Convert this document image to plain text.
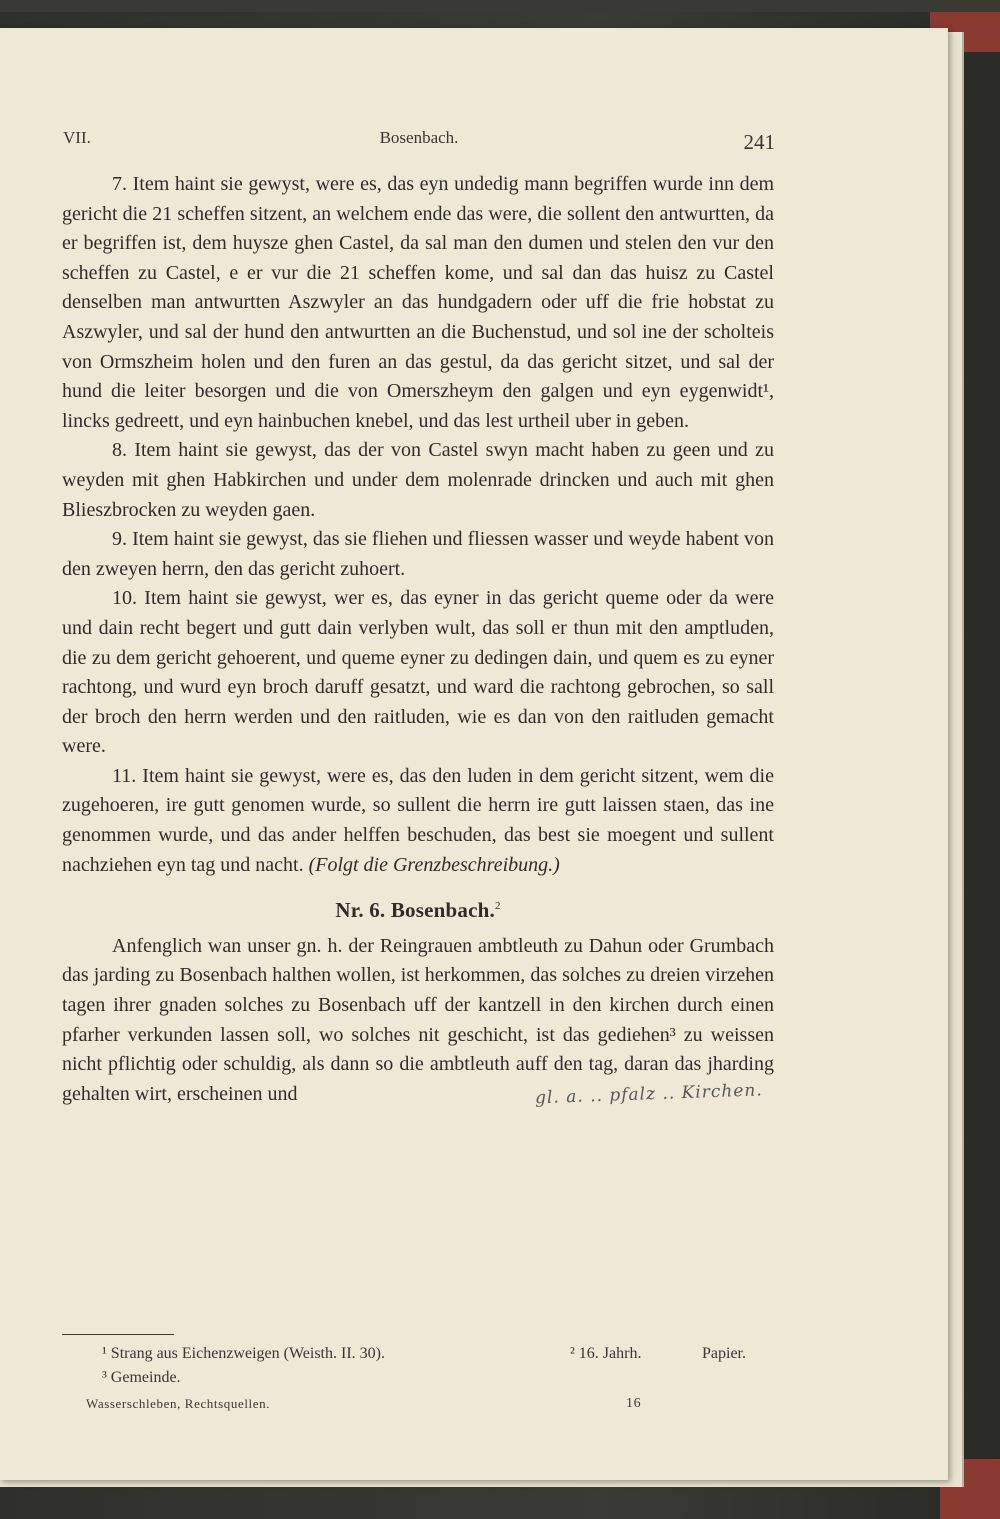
VII.	Bosenbach.	241

7. Item haint sie gewyst, were es, das eyn undedig mann begriffen wurde inn dem gericht die 21 scheffen sitzent, an welchem ende das were, die sollent den antwurtten, da er begriffen ist, dem huysze ghen Castel, da sal man den dumen und stelen den vur den scheffen zu Castel, e er vur die 21 scheffen kome, und sal dan das huisz zu Castel denselben man antwurtten Aszwyler an das hundgadern oder uff die frie hobstat zu Aszwyler, und sal der hund den antwurtten an die Buchenstud, und sol ine der scholteis von Ormszheim holen und den furen an das gestul, da das gericht sitzet, und sal der hund die leiter besorgen und die von Omerszheym den galgen und eyn eygenwidt¹, lincks gedreett, und eyn hainbuchen knebel, und das lest urtheil uber in geben.

8. Item haint sie gewyst, das der von Castel swyn macht haben zu geen und zu weyden mit ghen Habkirchen und under dem molenrade drincken und auch mit ghen Blieszbrocken zu weyden gaen.

9. Item haint sie gewyst, das sie fliehen und fliessen wasser und weyde habent von den zweyen herrn, den das gericht zuhoert.

10. Item haint sie gewyst, wer es, das eyner in das gericht queme oder da were und dain recht begert und gutt dain verlyben wult, das soll er thun mit den amptluden, die zu dem gericht gehoerent, und queme eyner zu dedingen dain, und quem es zu eyner rachtong, und wurd eyn broch daruff gesatzt, und ward die rachtong gebrochen, so sall der broch den herrn werden und den raitluden, wie es dan von den raitluden gemacht were.

11. Item haint sie gewyst, were es, das den luden in dem gericht sitzent, wem die zugehoeren, ire gutt genomen wurde, so sullent die herrn ire gutt laissen staen, das ine genommen wurde, und das ander helffen beschuden, das best sie moegent und sullent nachziehen eyn tag und nacht. (Folgt die Grenzbeschreibung.)

Nr. 6. Bosenbach.$^2$

Anfenglich wan unser gn. h. der Reingrauen ambtleuth zu Dahun oder Grumbach das jarding zu Bosenbach halthen wollen, ist herkommen, das solches zu dreien virzehen tagen ihrer gnaden solches zu Bosenbach uff der kantzell in den kirchen durch einen pfarher verkunden lassen soll, wo solches nit geschicht, ist das gediehen³ zu weissen nicht pflichtig oder schuldig, als dann so die ambtleuth auff den tag, daran das jharding gehalten wirt, erscheinen und	gl. a. .. pfalz .. Kirchen.
¹ Strang aus Eichenzweigen (Weisth. II. 30).	² 16. Jahrh.	Papier.
³ Gemeinde.
Wasserschleben, Rechtsquellen.	16
